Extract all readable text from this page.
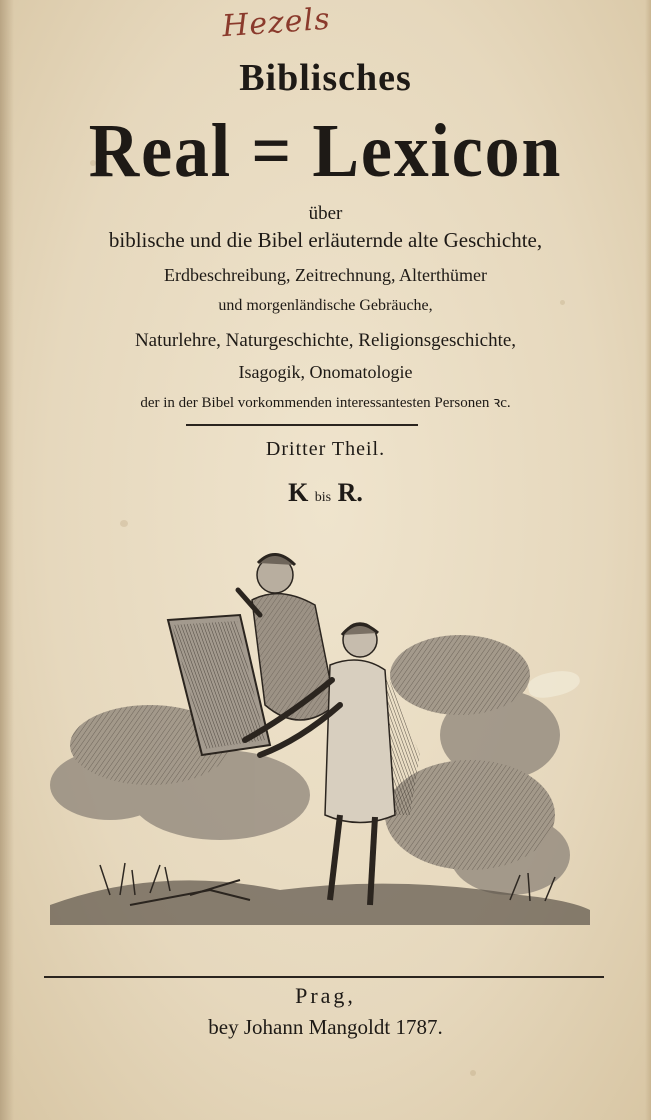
Hezels
Biblisches
Real = Lexicon
über
biblische und die Bibel erläuternde alte Geschichte,
Erdbeschreibung, Zeitrechnung, Alterthümer
und morgenländische Gebräuche,
Naturlehre, Naturgeschichte, Religionsgeschichte,
Isagogik, Onomatologie
der in der Bibel vorkommenden interessantesten Personen ꝛc.
Dritter Theil.
K bis R.
Prag,
bey Johann Mangoldt 1787.
